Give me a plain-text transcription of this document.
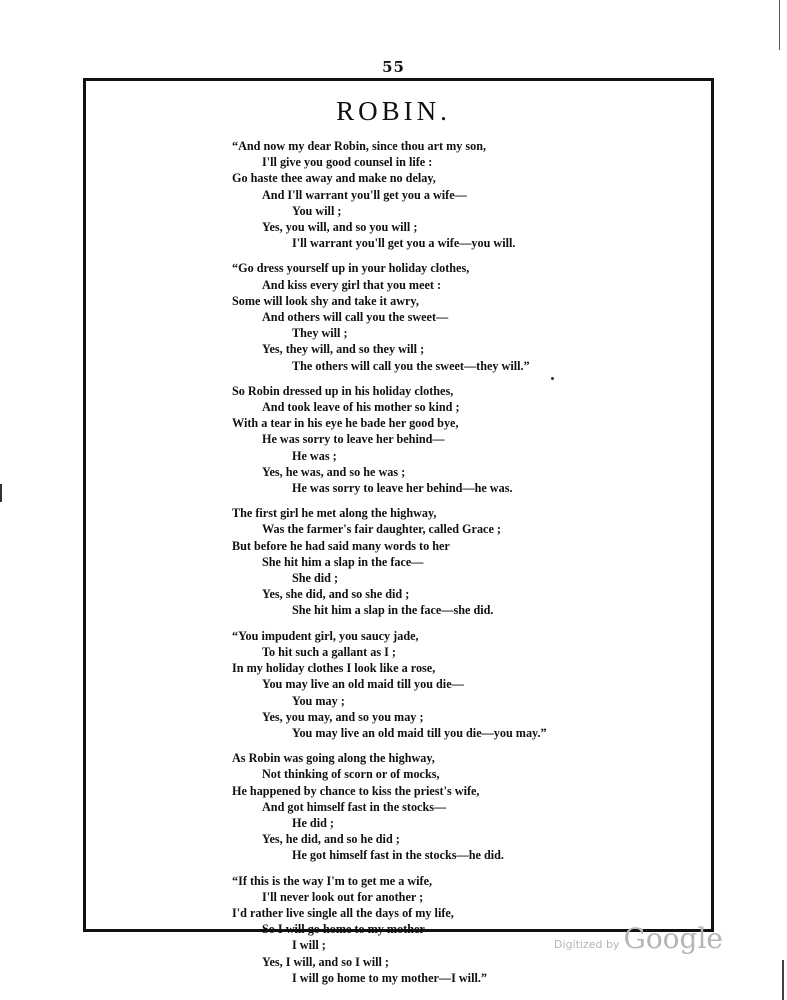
55
ROBIN.
“And now my dear Robin, since thou art my son,
I'll give you good counsel in life :
Go haste thee away and make no delay,
And I'll warrant you'll get you a wife—
You will ;
Yes, you will, and so you will ;
I'll warrant you'll get you a wife—you will.
“Go dress yourself up in your holiday clothes,
And kiss every girl that you meet :
Some will look shy and take it awry,
And others will call you the sweet—
They will ;
Yes, they will, and so they will ;
The others will call you the sweet—they will.”
So Robin dressed up in his holiday clothes,
And took leave of his mother so kind ;
With a tear in his eye he bade her good bye,
He was sorry to leave her behind—
He was ;
Yes, he was, and so he was ;
He was sorry to leave her behind—he was.
The first girl he met along the highway,
Was the farmer's fair daughter, called Grace ;
But before he had said many words to her
She hit him a slap in the face—
She did ;
Yes, she did, and so she did ;
She hit him a slap in the face—she did.
“You impudent girl, you saucy jade,
To hit such a gallant as I ;
In my holiday clothes I look like a rose,
You may live an old maid till you die—
You may ;
Yes, you may, and so you may ;
You may live an old maid till you die—you may.”
As Robin was going along the highway,
Not thinking of scorn or of mocks,
He happened by chance to kiss the priest's wife,
And got himself fast in the stocks—
He did ;
Yes, he did, and so he did ;
He got himself fast in the stocks—he did.
“If this is the way I'm to get me a wife,
I'll never look out for another ;
I'd rather live single all the days of my life,
So I will go home to my mother—
I will ;
Yes, I will, and so I will ;
I will go home to my mother—I will.”
Digitized by Google
